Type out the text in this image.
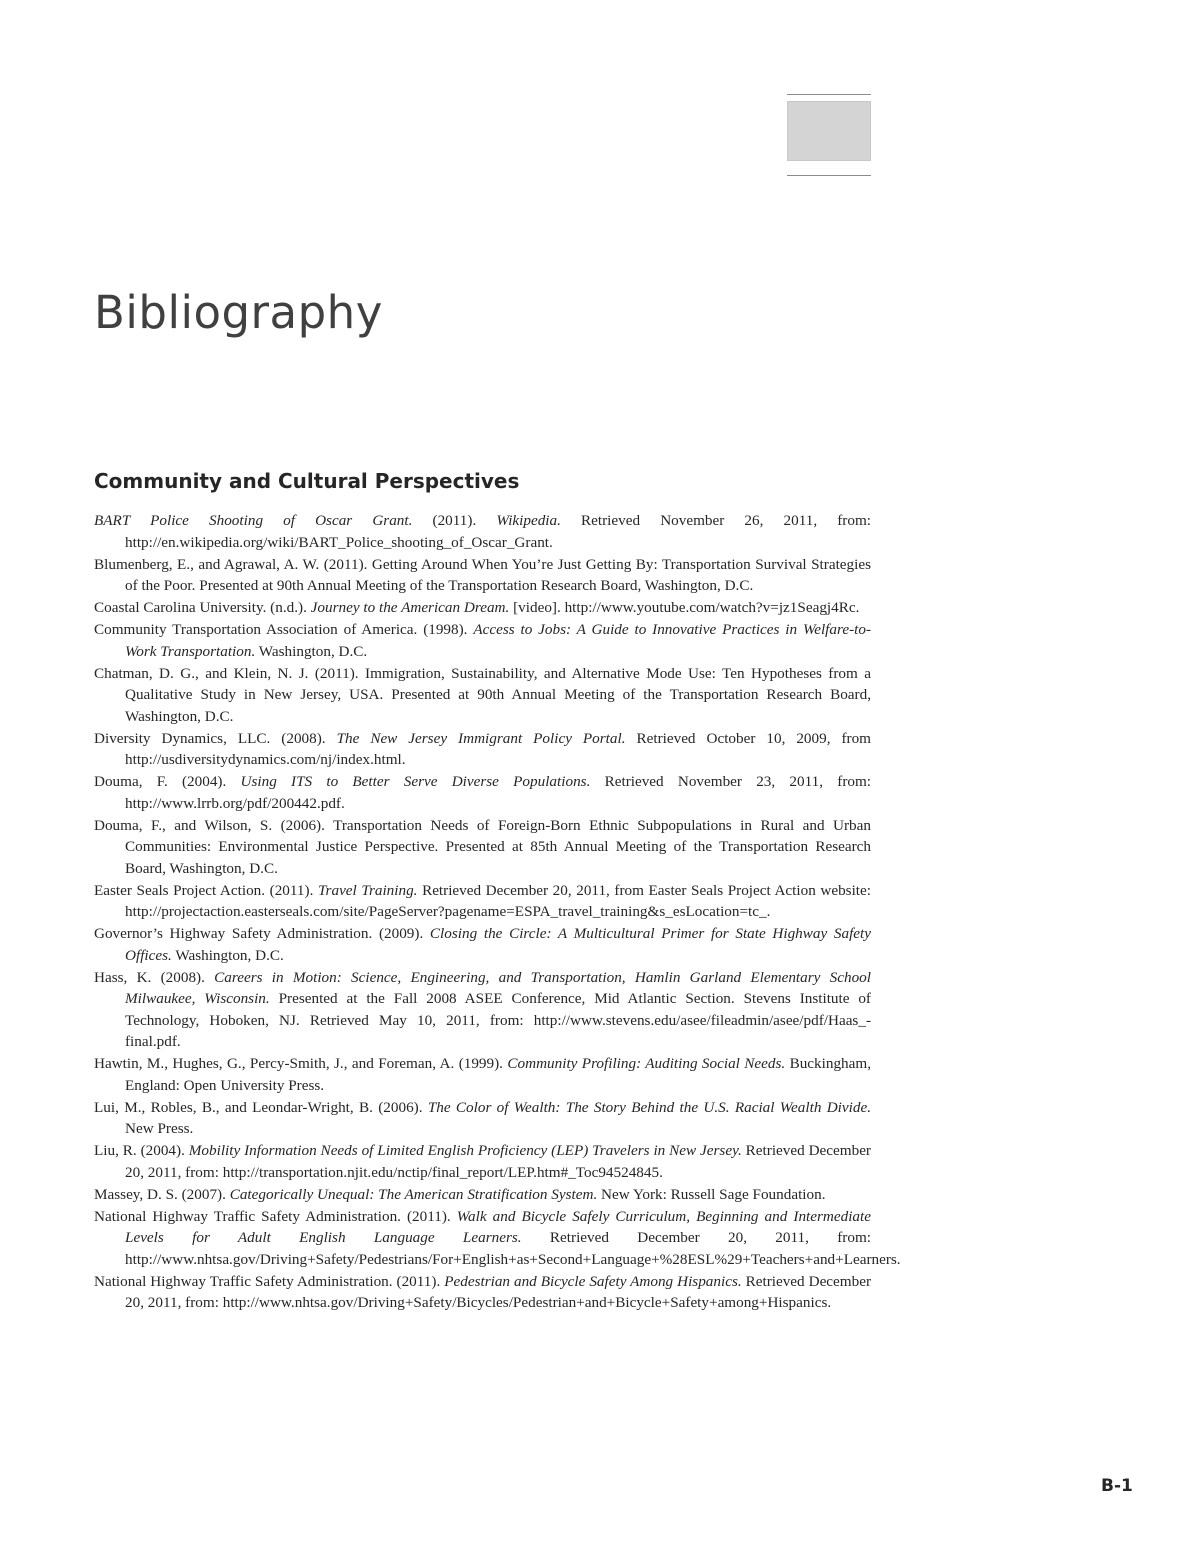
Bibliography
Community and Cultural Perspectives

BART Police Shooting of Oscar Grant. (2011). Wikipedia. Retrieved November 26, 2011, from: http://en.wikipedia.org/wiki/BART_Police_shooting_of_Oscar_Grant.

Blumenberg, E., and Agrawal, A. W. (2011). Getting Around When You’re Just Getting By: Transportation Survival Strategies of the Poor. Presented at 90th Annual Meeting of the Transportation Research Board, Washington, D.C.

Coastal Carolina University. (n.d.). Journey to the American Dream. [video]. http://www.youtube.com/watch?v=jz1Seagj4Rc.

Community Transportation Association of America. (1998). Access to Jobs: A Guide to Innovative Practices in Welfare-to-Work Transportation. Washington, D.C.

Chatman, D. G., and Klein, N. J. (2011). Immigration, Sustainability, and Alternative Mode Use: Ten Hypotheses from a Qualitative Study in New Jersey, USA. Presented at 90th Annual Meeting of the Transportation Research Board, Washington, D.C.

Diversity Dynamics, LLC. (2008). The New Jersey Immigrant Policy Portal. Retrieved October 10, 2009, from http://usdiversitydynamics.com/nj/index.html.

Douma, F. (2004). Using ITS to Better Serve Diverse Populations. Retrieved November 23, 2011, from: http://www.lrrb.org/pdf/200442.pdf.

Douma, F., and Wilson, S. (2006). Transportation Needs of Foreign-Born Ethnic Subpopulations in Rural and Urban Communities: Environmental Justice Perspective. Presented at 85th Annual Meeting of the Transportation Research Board, Washington, D.C.

Easter Seals Project Action. (2011). Travel Training. Retrieved December 20, 2011, from Easter Seals Project Action website: http://projectaction.easterseals.com/site/PageServer?pagename=ESPA_travel_training&s_esLocation=tc_.

Governor’s Highway Safety Administration. (2009). Closing the Circle: A Multicultural Primer for State Highway Safety Offices. Washington, D.C.

Hass, K. (2008). Careers in Motion: Science, Engineering, and Transportation, Hamlin Garland Elementary School Milwaukee, Wisconsin. Presented at the Fall 2008 ASEE Conference, Mid Atlantic Section. Stevens Institute of Technology, Hoboken, NJ. Retrieved May 10, 2011, from: http://www.stevens.edu/asee/fileadmin/asee/pdf/Haas_-final.pdf.

Hawtin, M., Hughes, G., Percy-Smith, J., and Foreman, A. (1999). Community Profiling: Auditing Social Needs. Buckingham, England: Open University Press.

Lui, M., Robles, B., and Leondar-Wright, B. (2006). The Color of Wealth: The Story Behind the U.S. Racial Wealth Divide. New Press.

Liu, R. (2004). Mobility Information Needs of Limited English Proficiency (LEP) Travelers in New Jersey. Retrieved December 20, 2011, from: http://transportation.njit.edu/nctip/final_report/LEP.htm#_Toc94524845.

Massey, D. S. (2007). Categorically Unequal: The American Stratification System. New York: Russell Sage Foundation.

National Highway Traffic Safety Administration. (2011). Walk and Bicycle Safely Curriculum, Beginning and Intermediate Levels for Adult English Language Learners. Retrieved December 20, 2011, from: http://www.nhtsa.gov/Driving+Safety/Pedestrians/For+English+as+Second+Language+%28ESL%29+Teachers+and+Learners.

National Highway Traffic Safety Administration. (2011). Pedestrian and Bicycle Safety Among Hispanics. Retrieved December 20, 2011, from: http://www.nhtsa.gov/Driving+Safety/Bicycles/Pedestrian+and+Bicycle+Safety+among+Hispanics.

B-1
